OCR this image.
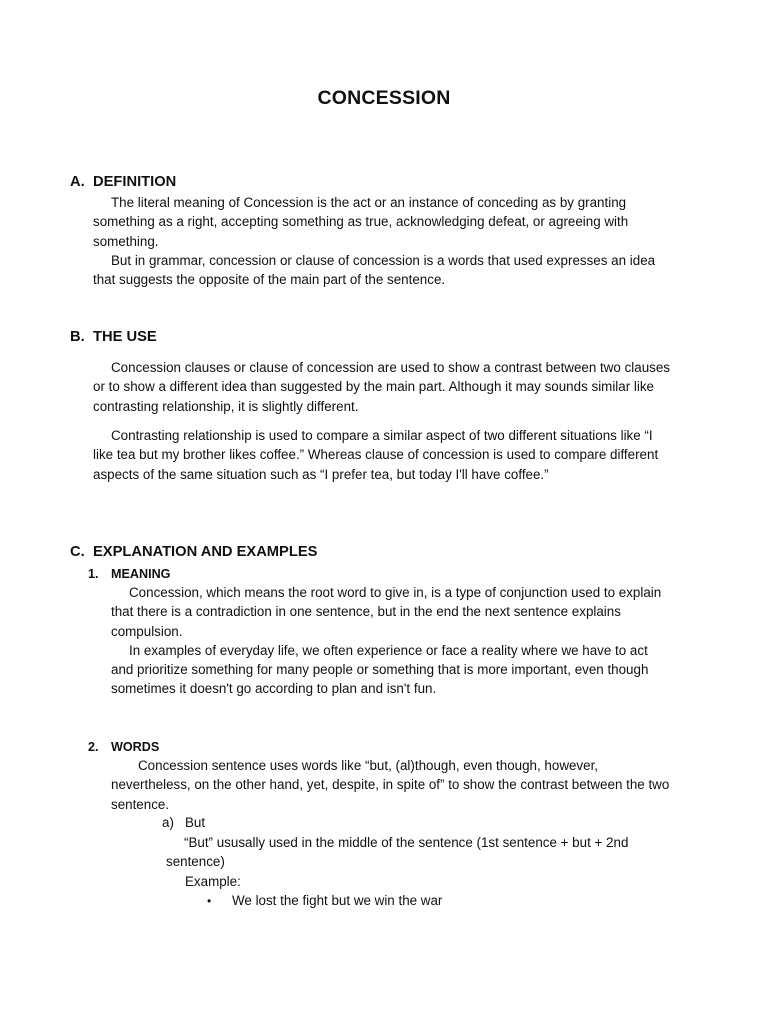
CONCESSION
A. DEFINITION

The literal meaning of Concession is the act or an instance of conceding as by granting something as a right, accepting something as true, acknowledging defeat, or agreeing with something.

But in grammar, concession or clause of concession is a words that used expresses an idea that suggests the opposite of the main part of the sentence.

B. THE USE

Concession clauses or clause of concession are used to show a contrast between two clauses or to show a different idea than suggested by the main part. Although it may sounds similar like contrasting relationship, it is slightly different.

Contrasting relationship is used to compare a similar aspect of two different situations like “I like tea but my brother likes coffee.” Whereas clause of concession is used to compare different aspects of the same situation such as “I prefer tea, but today I'll have coffee.”

C. EXPLANATION AND EXAMPLES
1. MEANING

Concession, which means the root word to give in, is a type of conjunction used to explain that there is a contradiction in one sentence, but in the end the next sentence explains compulsion.

In examples of everyday life, we often experience or face a reality where we have to act and prioritize something for many people or something that is more important, even though sometimes it doesn't go according to plan and isn't fun.

2. WORDS

Concession sentence uses words like “but, (al)though, even though, however, nevertheless, on the other hand, yet, despite, in spite of” to show the contrast between the two sentence.

a) But

“But” ususally used in the middle of the sentence (1st sentence + but + 2nd sentence)

Example:
• We lost the fight but we win the war
